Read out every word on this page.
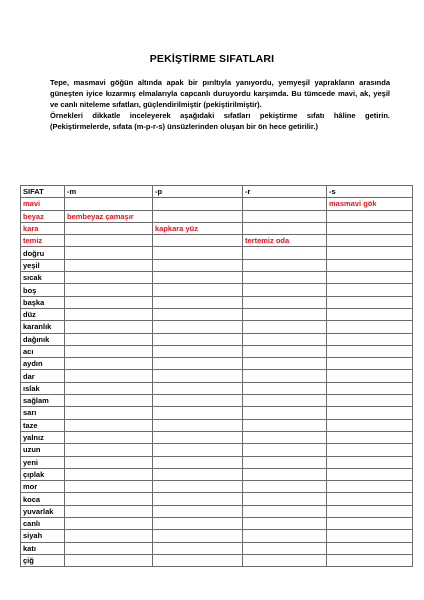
PEKİŞTİRME SIFATLARI

Tepe, masmavi göğün altında apak bir pırıltıyla yanıyordu, yemyeşil yaprakların arasında güneşten iyice kızarmış elmalarıyla capcanlı duruyordu karşımda. Bu tümcede mavi, ak, yeşil ve canlı niteleme sıfatları, güçlendirilmiştir (pekiştirilmiştir).

Örnekleri dikkatle inceleyerek aşağıdaki sıfatları pekiştirme sıfatı hâline getirin. (Pekiştirmelerde, sıfata (m-p-r-s) ünsüzlerinden oluşan bir ön hece getirilir.)

SIFAT	-m	-p	-r	-s
mavi				masmavi gök
beyaz	bembeyaz çamaşır			
kara		kapkara yüz		
temiz			tertemiz oda	
doğru				
yeşil				
sıcak				
boş				
başka				
düz				
karanlık				
dağınık				
acı				
aydın				
dar				
ıslak				
sağlam				
sarı				
taze				
yalnız				
uzun				
yeni				
çıplak				
mor				
koca				
yuvarlak				
canlı				
siyah				
katı				
çiğ				
